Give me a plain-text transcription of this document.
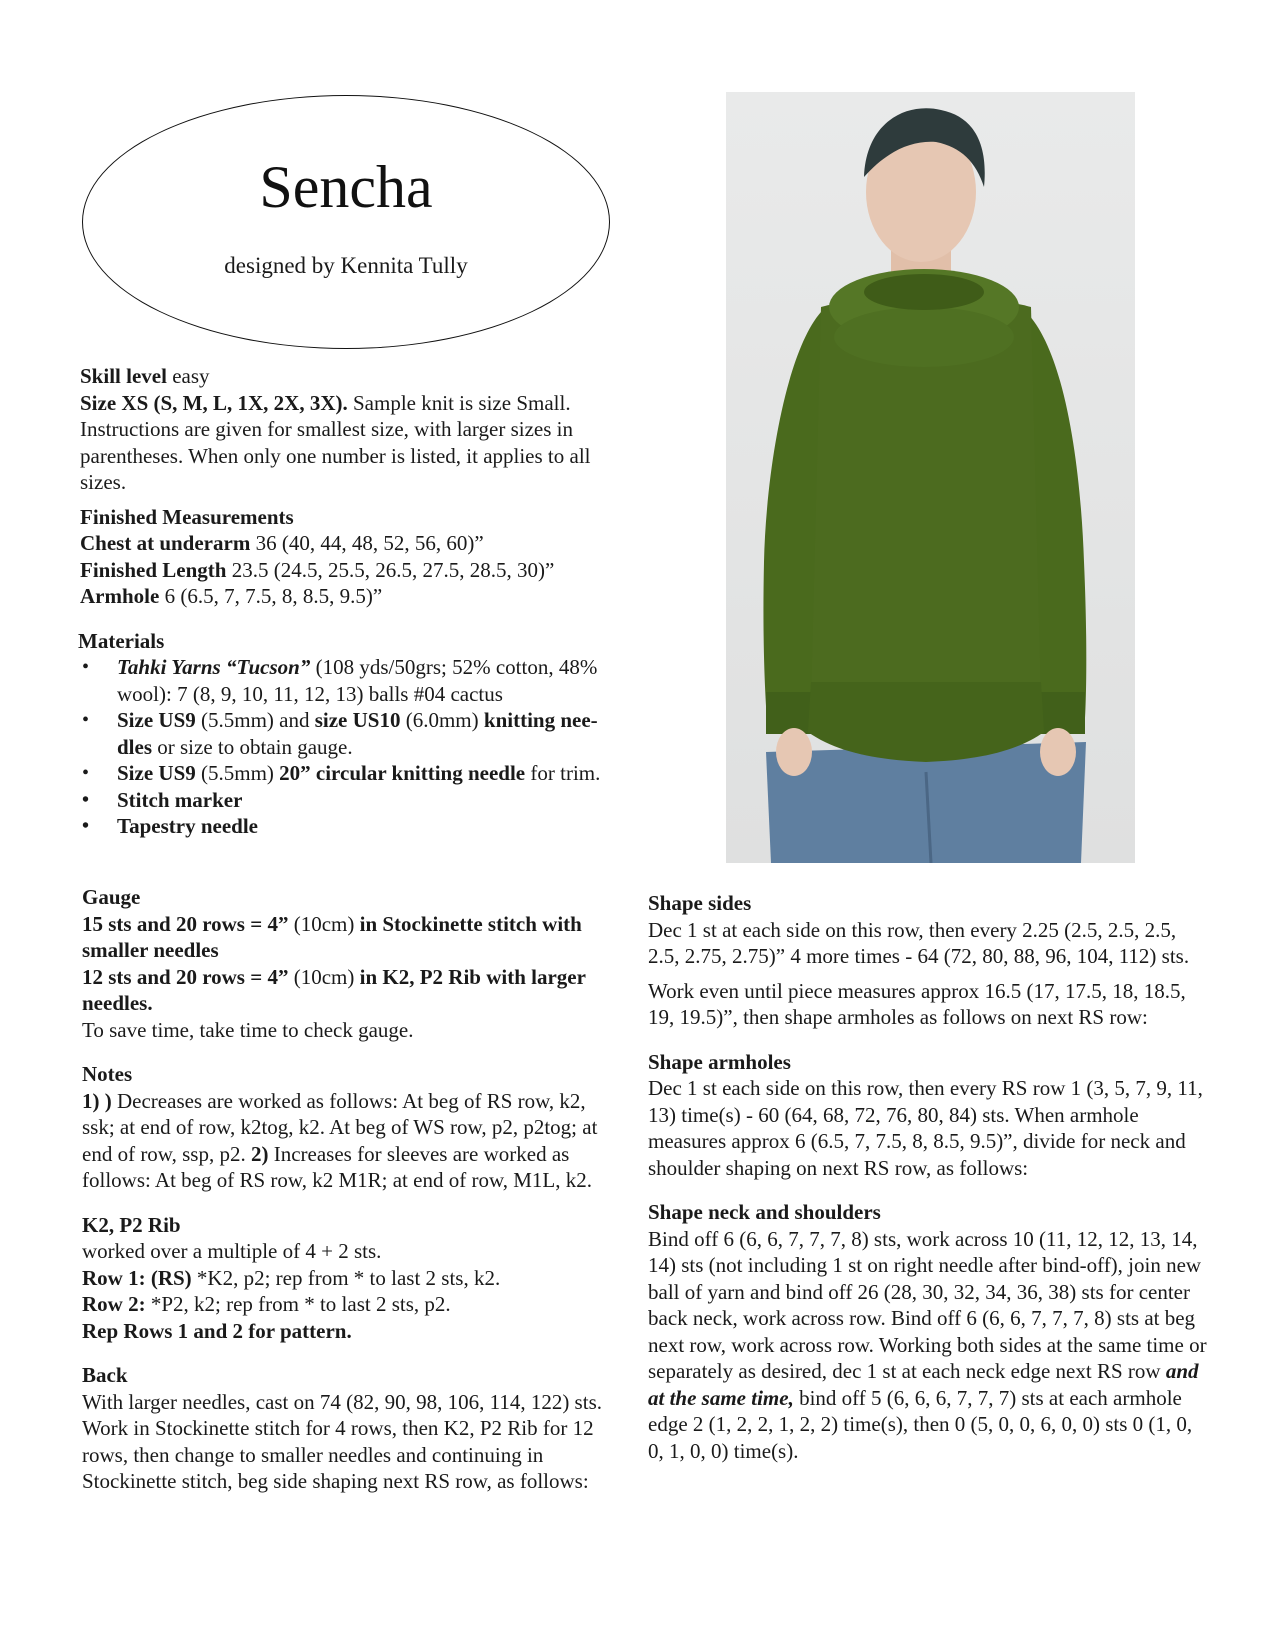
Sencha
designed by Kennita Tully

Skill level easy

Size XS (S, M, L, 1X, 2X, 3X). Sample knit is size Small. Instructions are given for smallest size, with larger sizes in parentheses. When only one number is listed, it applies to all sizes.

Finished Measurements

Chest at underarm 36 (40, 44, 48, 52, 56, 60)”

Finished Length 23.5 (24.5, 25.5, 26.5, 27.5, 28.5, 30)”

Armhole 6 (6.5, 7, 7.5, 8, 8.5, 9.5)”

Materials

• Tahki Yarns “Tucson” (108 yds/50grs; 52% cotton, 48% wool): 7 (8, 9, 10, 11, 12, 13) balls #04 cactus
• Size US9 (5.5mm) and size US10 (6.0mm) knitting needles or size to obtain gauge.
• Size US9 (5.5mm) 20” circular knitting needle for trim.
• Stitch marker
• Tapestry needle

Gauge

15 sts and 20 rows = 4” (10cm) in Stockinette stitch with smaller needles

12 sts and 20 rows = 4” (10cm) in K2, P2 Rib with larger needles.

To save time, take time to check gauge.

Notes

1) ) Decreases are worked as follows: At beg of RS row, k2, ssk; at end of row, k2tog, k2. At beg of WS row, p2, p2tog; at end of row, ssp, p2. 2) Increases for sleeves are worked as follows: At beg of RS row, k2 M1R; at end of row, M1L, k2.

K2, P2 Rib

worked over a multiple of 4 + 2 sts.

Row 1: (RS) *K2, p2; rep from * to last 2 sts, k2.

Row 2: *P2, k2; rep from * to last 2 sts, p2.

Rep Rows 1 and 2 for pattern.

Back

With larger needles, cast on 74 (82, 90, 98, 106, 114, 122) sts. Work in Stockinette stitch for 4 rows, then K2, P2 Rib for 12 rows, then change to smaller needles and continuing in Stockinette stitch, beg side shaping next RS row, as follows:

Shape sides

Dec 1 st at each side on this row, then every 2.25 (2.5, 2.5, 2.5, 2.5, 2.75, 2.75)” 4 more times - 64 (72, 80, 88, 96, 104, 112) sts.

Work even until piece measures approx 16.5 (17, 17.5, 18, 18.5, 19, 19.5)”, then shape armholes as follows on next RS row:

Shape armholes

Dec 1 st each side on this row, then every RS row 1 (3, 5, 7, 9, 11, 13) time(s) - 60 (64, 68, 72, 76, 80, 84) sts. When armhole measures approx 6 (6.5, 7, 7.5, 8, 8.5, 9.5)”, divide for neck and shoulder shaping on next RS row, as follows:

Shape neck and shoulders

Bind off 6 (6, 6, 7, 7, 7, 8) sts, work across 10 (11, 12, 12, 13, 14, 14) sts (not including 1 st on right needle after bind-off), join new ball of yarn and bind off 26 (28, 30, 32, 34, 36, 38) sts for center back neck, work across row. Bind off 6 (6, 6, 7, 7, 7, 8) sts at beg next row, work across row. Working both sides at the same time or separately as desired, dec 1 st at each neck edge next RS row and at the same time, bind off 5 (6, 6, 6, 7, 7, 7) sts at each armhole edge 2 (1, 2, 2, 1, 2, 2) time(s), then 0 (5, 0, 0, 6, 0, 0) sts 0 (1, 0, 0, 1, 0, 0) time(s).
